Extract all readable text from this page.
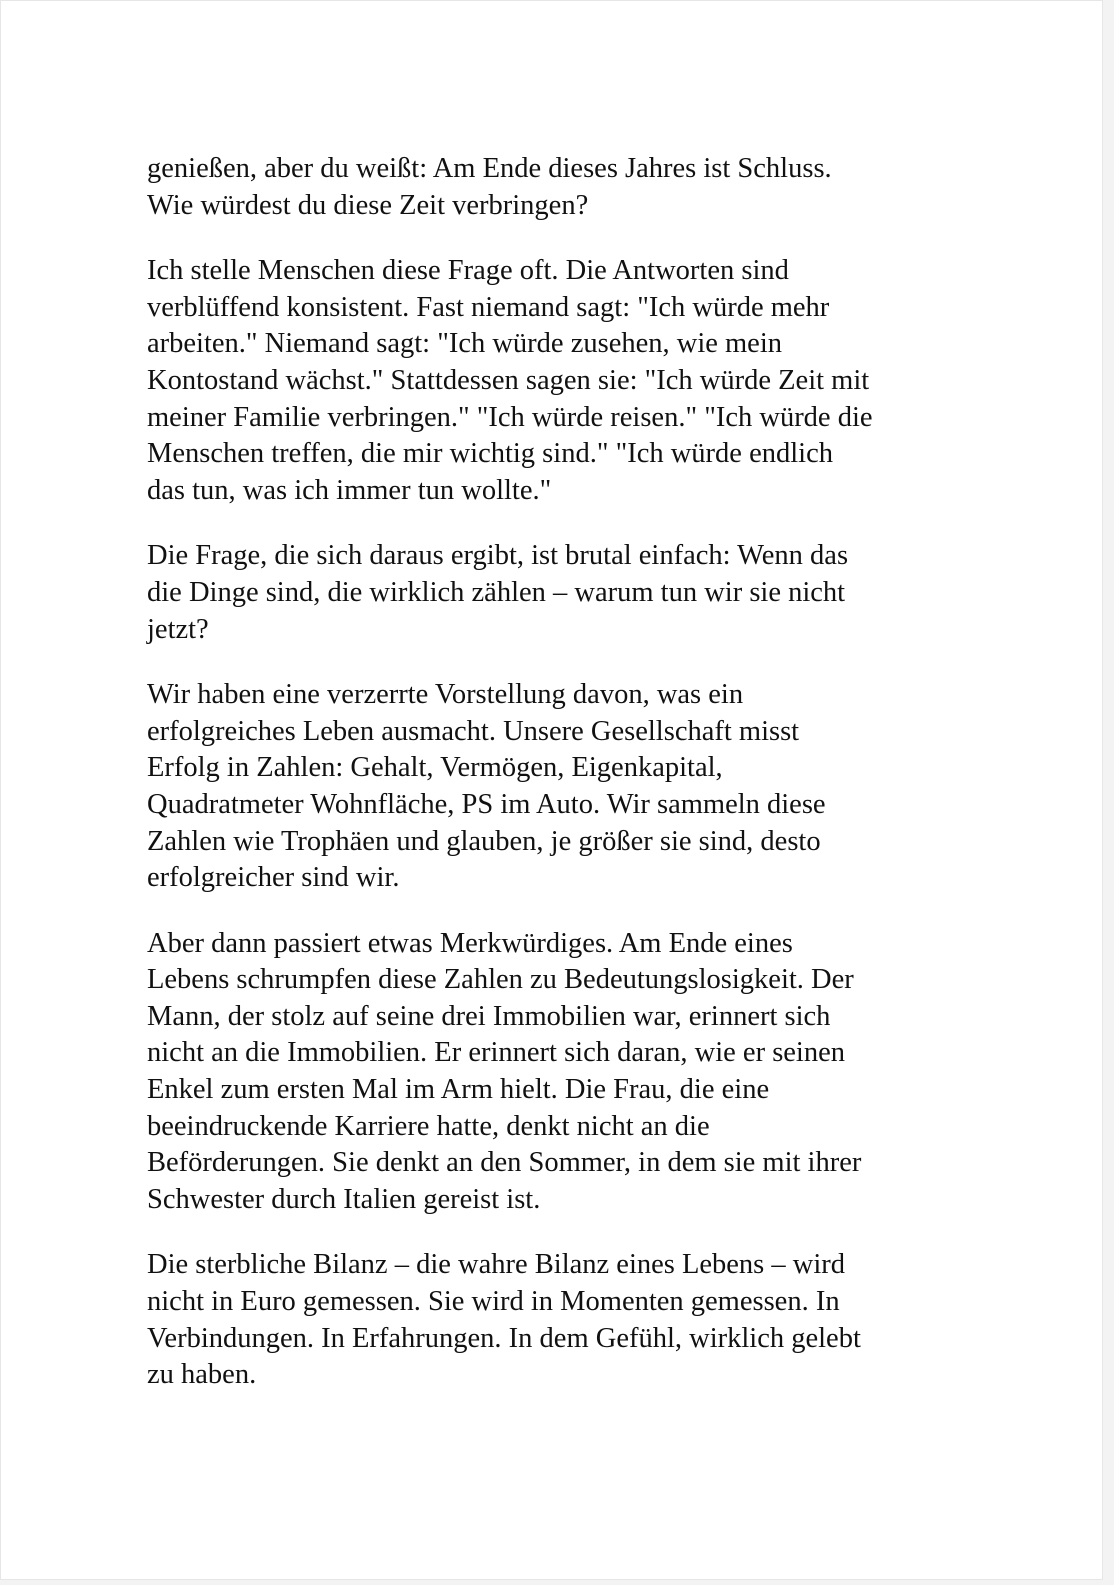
genießen, aber du weißt: Am Ende dieses Jahres ist Schluss.
Wie würdest du diese Zeit verbringen?

Ich stelle Menschen diese Frage oft. Die Antworten sind
verblüffend konsistent. Fast niemand sagt: "Ich würde mehr
arbeiten." Niemand sagt: "Ich würde zusehen, wie mein
Kontostand wächst." Stattdessen sagen sie: "Ich würde Zeit mit
meiner Familie verbringen." "Ich würde reisen." "Ich würde die
Menschen treffen, die mir wichtig sind." "Ich würde endlich
das tun, was ich immer tun wollte."

Die Frage, die sich daraus ergibt, ist brutal einfach: Wenn das
die Dinge sind, die wirklich zählen – warum tun wir sie nicht
jetzt?

Wir haben eine verzerrte Vorstellung davon, was ein
erfolgreiches Leben ausmacht. Unsere Gesellschaft misst
Erfolg in Zahlen: Gehalt, Vermögen, Eigenkapital,
Quadratmeter Wohnfläche, PS im Auto. Wir sammeln diese
Zahlen wie Trophäen und glauben, je größer sie sind, desto
erfolgreicher sind wir.

Aber dann passiert etwas Merkwürdiges. Am Ende eines
Lebens schrumpfen diese Zahlen zu Bedeutungslosigkeit. Der
Mann, der stolz auf seine drei Immobilien war, erinnert sich
nicht an die Immobilien. Er erinnert sich daran, wie er seinen
Enkel zum ersten Mal im Arm hielt. Die Frau, die eine
beeindruckende Karriere hatte, denkt nicht an die
Beförderungen. Sie denkt an den Sommer, in dem sie mit ihrer
Schwester durch Italien gereist ist.

Die sterbliche Bilanz – die wahre Bilanz eines Lebens – wird
nicht in Euro gemessen. Sie wird in Momenten gemessen. In
Verbindungen. In Erfahrungen. In dem Gefühl, wirklich gelebt
zu haben.
